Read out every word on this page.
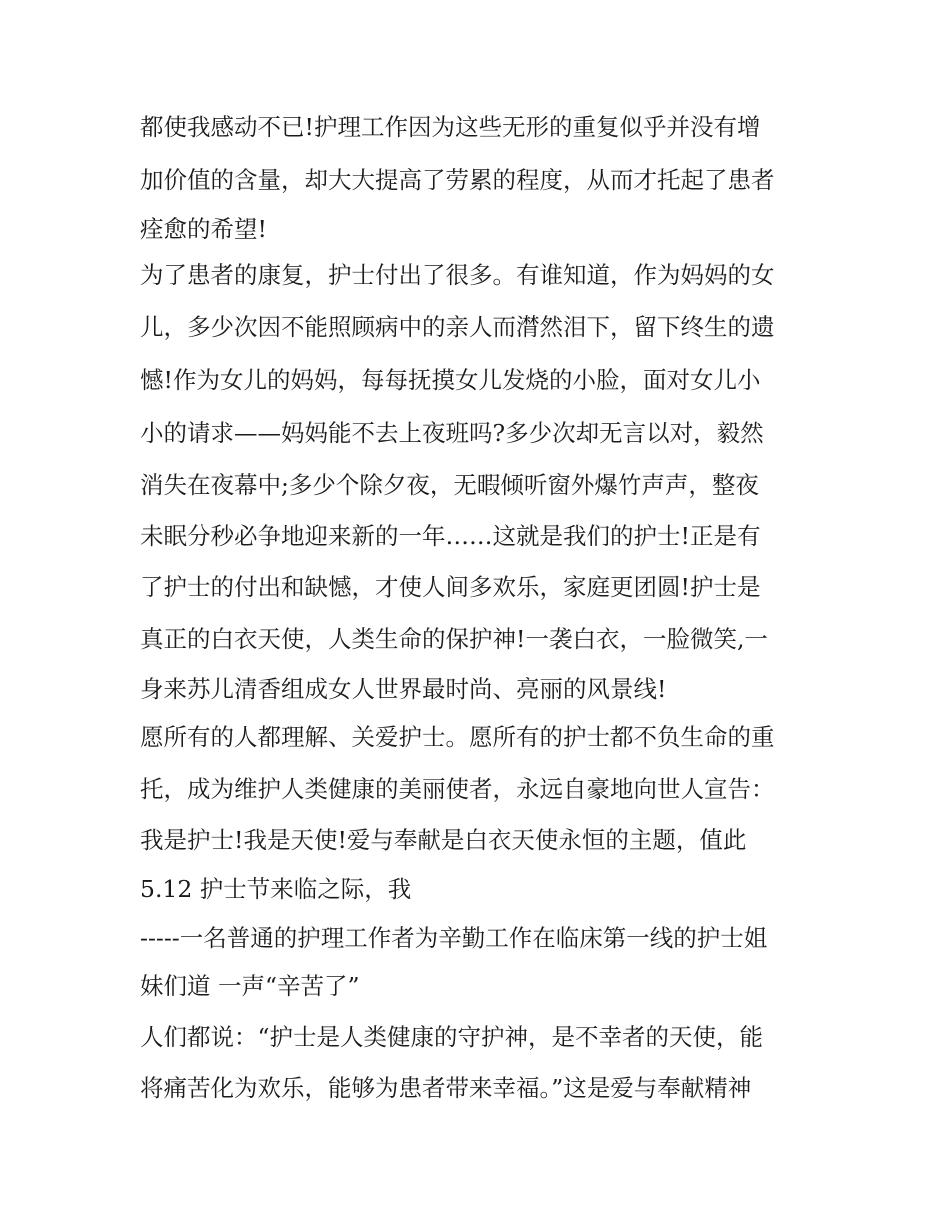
都使我感动不已!护理工作因为这些无形的重复似乎并没有增
加价值的含量，却大大提高了劳累的程度，从而才托起了患者
痊愈的希望!
为了患者的康复，护士付出了很多。有谁知道，作为妈妈的女
儿，多少次因不能照顾病中的亲人而潸然泪下，留下终生的遗
憾!作为女儿的妈妈，每每抚摸女儿发烧的小脸，面对女儿小
小的请求——妈妈能不去上夜班吗?多少次却无言以对，毅然
消失在夜幕中;多少个除夕夜，无暇倾听窗外爆竹声声，整夜
未眠分秒必争地迎来新的一年……这就是我们的护士!正是有
了护士的付出和缺憾，才使人间多欢乐，家庭更团圆!护士是
真正的白衣天使，人类生命的保护神!一袭白衣，一脸微笑,一
身来苏儿清香组成女人世界最时尚、亮丽的风景线!
愿所有的人都理解、关爱护士。愿所有的护士都不负生命的重
托，成为维护人类健康的美丽使者，永远自豪地向世人宣告：
我是护士!我是天使!爱与奉献是白衣天使永恒的主题，值此
5.12 护士节来临之际，我
-----一名普通的护理工作者为辛勤工作在临床第一线的护士姐
妹们道 一声“辛苦了”
人们都说：“护士是人类健康的守护神，是不幸者的天使，能
将痛苦化为欢乐，能够为患者带来幸福。”这是爱与奉献精神
